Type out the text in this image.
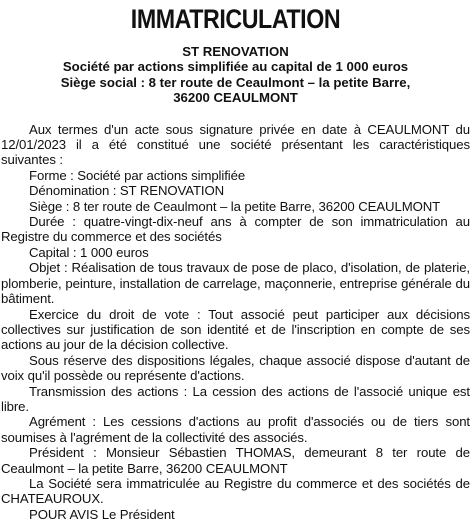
IMMATRICULATION
ST RENOVATION
Société par actions simplifiée au capital de 1 000 euros
Siège social : 8 ter route de Ceaulmont – la petite Barre,
36200 CEAULMONT

Aux termes d'un acte sous signature privée en date à CEAULMONT du 12/01/2023 il a été constitué une société présentant les caractéristiques suivantes :

Forme : Société par actions simplifiée

Dénomination : ST RENOVATION

Siège : 8 ter route de Ceaulmont – la petite Barre, 36200 CEAULMONT

Durée : quatre-vingt-dix-neuf ans à compter de son immatriculation au Registre du commerce et des sociétés

Capital : 1 000 euros

Objet : Réalisation de tous travaux de pose de placo, d'isolation, de platerie, plomberie, peinture, installation de carrelage, maçonnerie, entreprise générale du bâtiment.

Exercice du droit de vote : Tout associé peut participer aux décisions collectives sur justification de son identité et de l'inscription en compte de ses actions au jour de la décision collective.

Sous réserve des dispositions légales, chaque associé dispose d'autant de voix qu'il possède ou représente d'actions.

Transmission des actions : La cession des actions de l'associé unique est libre.

Agrément : Les cessions d'actions au profit d'associés ou de tiers sont soumises à l'agrément de la collectivité des associés.

Président : Monsieur Sébastien THOMAS, demeurant 8 ter route de Ceaulmont – la petite Barre, 36200 CEAULMONT

La Société sera immatriculée au Registre du commerce et des sociétés de CHATEAUROUX.

POUR AVIS Le Président
